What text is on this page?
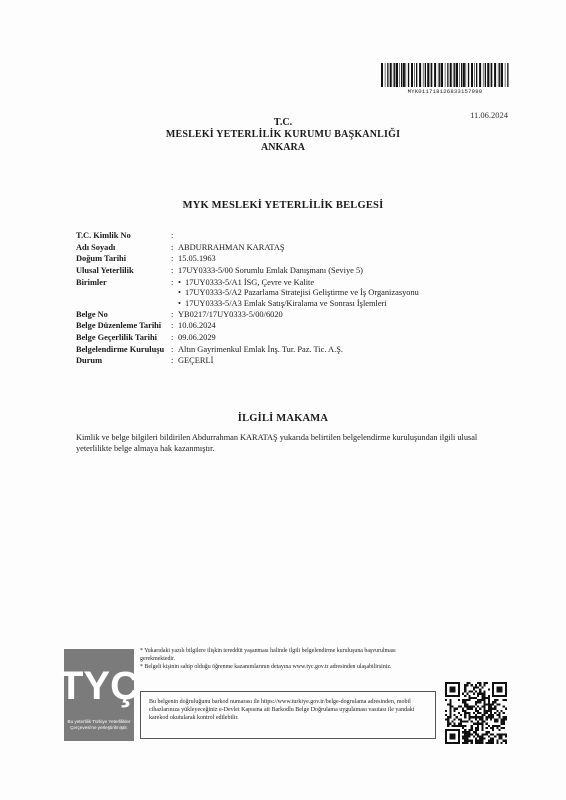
MYK011718126833157990
11.06.2024
T.C.
MESLEKİ YETERLİLİK KURUMU BAŞKANLIĞI
ANKARA
MYK MESLEKİ YETERLİLİK BELGESİ
T.C. Kimlik No	:
Adı Soyadı	: ABDURRAHMAN KARATAŞ
Doğum Tarihi	: 15.05.1963
Ulusal Yeterlilik	: 17UY0333-5/00 Sorumlu Emlak Danışmanı (Seviye 5)
Birimler	:
•	17UY0333-5/A1 İSG, Çevre ve Kalite
• 17UY0333-5/A2 Pazarlama Stratejisi Geliştirme ve İş Organizasyonu
• 17UY0333-5/A3 Emlak Satış/Kiralama ve Sonrası İşlemleri
Belge No	: YB0217/17UY0333-5/00/6020
Belge Düzenleme Tarihi	: 10.06.2024
Belge Geçerlilik Tarihi	: 09.06.2029
Belgelendirme Kuruluşu : Altın Gayrimenkul Emlak İnş. Tur. Paz. Tic. A.Ş.
Durum	: GEÇERLİ
İLGİLİ MAKAMA
Kimlik ve belge bilgileri bildirilen Abdurrahman KARATAŞ yukarıda belirtilen belgelendirme kuruluşundan ilgili ulusal yeterlilikte belge almaya hak kazanmıştır.
TYÇ
Bu yeterlilik Türkiye Yeterlilikler Çerçevesi'ne yerleştirilmiştir.
* Yukarıdaki yazılı bilgilere ilişkin tereddüt yaşanması halinde ilgili belgelendirme kuruluşuna başvurulması gerekmektedir.
* Belgeli kişinin sahip olduğu öğrenme kazanımlarının detayına www.tyc.gov.tr adresinden ulaşabilirsiniz.
Bu belgenin doğruluğunu barkod numarası ile https://www.turkiye.gov.tr/belge-dogrulama adresinden, mobil cihazlarınıza yükleyeceğiniz e-Devlet Kapısına ait Barkodlu Belge Doğrulama uygulaması vasıtası ile yandaki karekod okutularak kontrol edilebilir.
